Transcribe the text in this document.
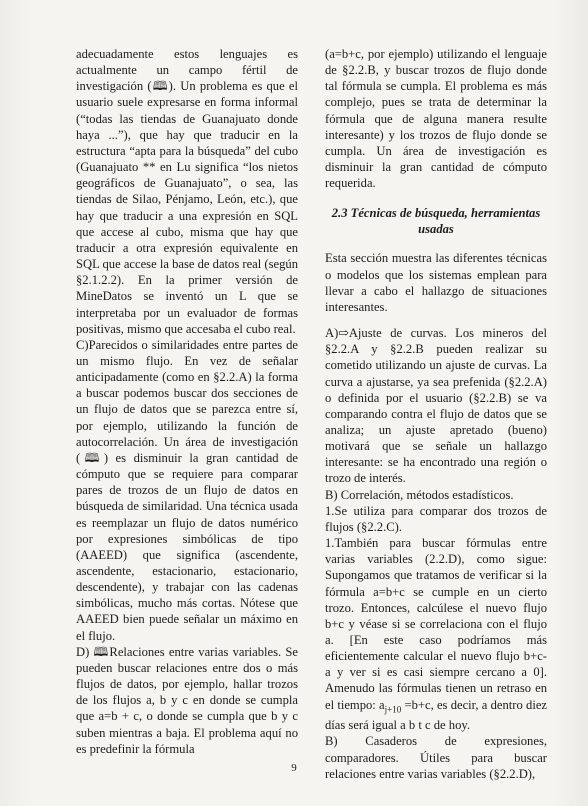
adecuadamente estos lenguajes es actualmente un campo fértil de investigación (🕮). Un problema es que el usuario suele expresarse en forma informal (“todas las tiendas de Guanajuato donde haya ...”), que hay que traducir en la estructura “apta para la búsqueda” del cubo (Guanajuato ** en Lu significa “los nietos geográficos de Guanajuato”, o sea, las tiendas de Silao, Pénjamo, León, etc.), que hay que traducir a una expresión en SQL que accese al cubo, misma que hay que traducir a otra expresión equivalente en SQL que accese la base de datos real (según §2.1.2.2). En la primer versión de MineDatos se inventó un L que se interpretaba por un evaluador de formas positivas, mismo que accesaba el cubo real.

C)Parecidos o similaridades entre partes de un mismo flujo. En vez de señalar anticipadamente (como en §2.2.A) la forma a buscar podemos buscar dos secciones de un flujo de datos que se parezca entre sí, por ejemplo, utilizando la función de autocorrelación. Un área de investigación (🕮) es disminuir la gran cantidad de cómputo que se requiere para comparar pares de trozos de un flujo de datos en búsqueda de similaridad. Una técnica usada es reemplazar un flujo de datos numérico por expresiones simbólicas de tipo (AAEED) que significa (ascendente, ascendente, estacionario, estacionario, descendente), y trabajar con las cadenas simbólicas, mucho más cortas. Nótese que AAEED bien puede señalar un máximo en el flujo.

D) 🕮Relaciones entre varias variables. Se pueden buscar relaciones entre dos o más flujos de datos, por ejemplo, hallar trozos de los flujos a, b y c en donde se cumpla que a=b + c, o donde se cumpla que b y c suben mientras a baja. El problema aquí no es predefinir la fórmula

(a=b+c, por ejemplo) utilizando el lenguaje de §2.2.B, y buscar trozos de flujo donde tal fórmula se cumpla. El problema es más complejo, pues se trata de determinar la fórmula que de alguna manera resulte interesante) y los trozos de flujo donde se cumpla. Un área de investigación es disminuir la gran cantidad de cómputo requerida.

2.3 Técnicas de búsqueda, herramientas usadas

Esta sección muestra las diferentes técnicas o modelos que los sistemas emplean para llevar a cabo el hallazgo de situaciones interesantes.

A)⇨Ajuste de curvas. Los mineros del §2.2.A y §2.2.B pueden realizar su cometido utilizando un ajuste de curvas. La curva a ajustarse, ya sea prefenida (§2.2.A) o definida por el usuario (§2.2.B) se va comparando contra el flujo de datos que se analiza; un ajuste apretado (bueno) motivará que se señale un hallazgo interesante: se ha encontrado una región o trozo de interés.

B) Correlación, métodos estadísticos.

1.Se utiliza para comparar dos trozos de flujos (§2.2.C).

1.También para buscar fórmulas entre varias variables (2.2.D), como sigue: Supongamos que tratamos de verificar si la fórmula a=b+c se cumple en un cierto trozo. Entonces, calcúlese el nuevo flujo b+c y véase si se correlaciona con el flujo a. [En este caso podríamos más eficientemente calcular el nuevo flujo b+c-a y ver si es casi siempre cercano a 0]. Amenudo las fórmulas tienen un retraso en el tiempo: $a_{j+10} =b+c$, es decir, a dentro diez días será igual a b t c de hoy.

B) Casaderos de expresiones, comparadores. Útiles para buscar relaciones entre varias variables (§2.2.D),

9
